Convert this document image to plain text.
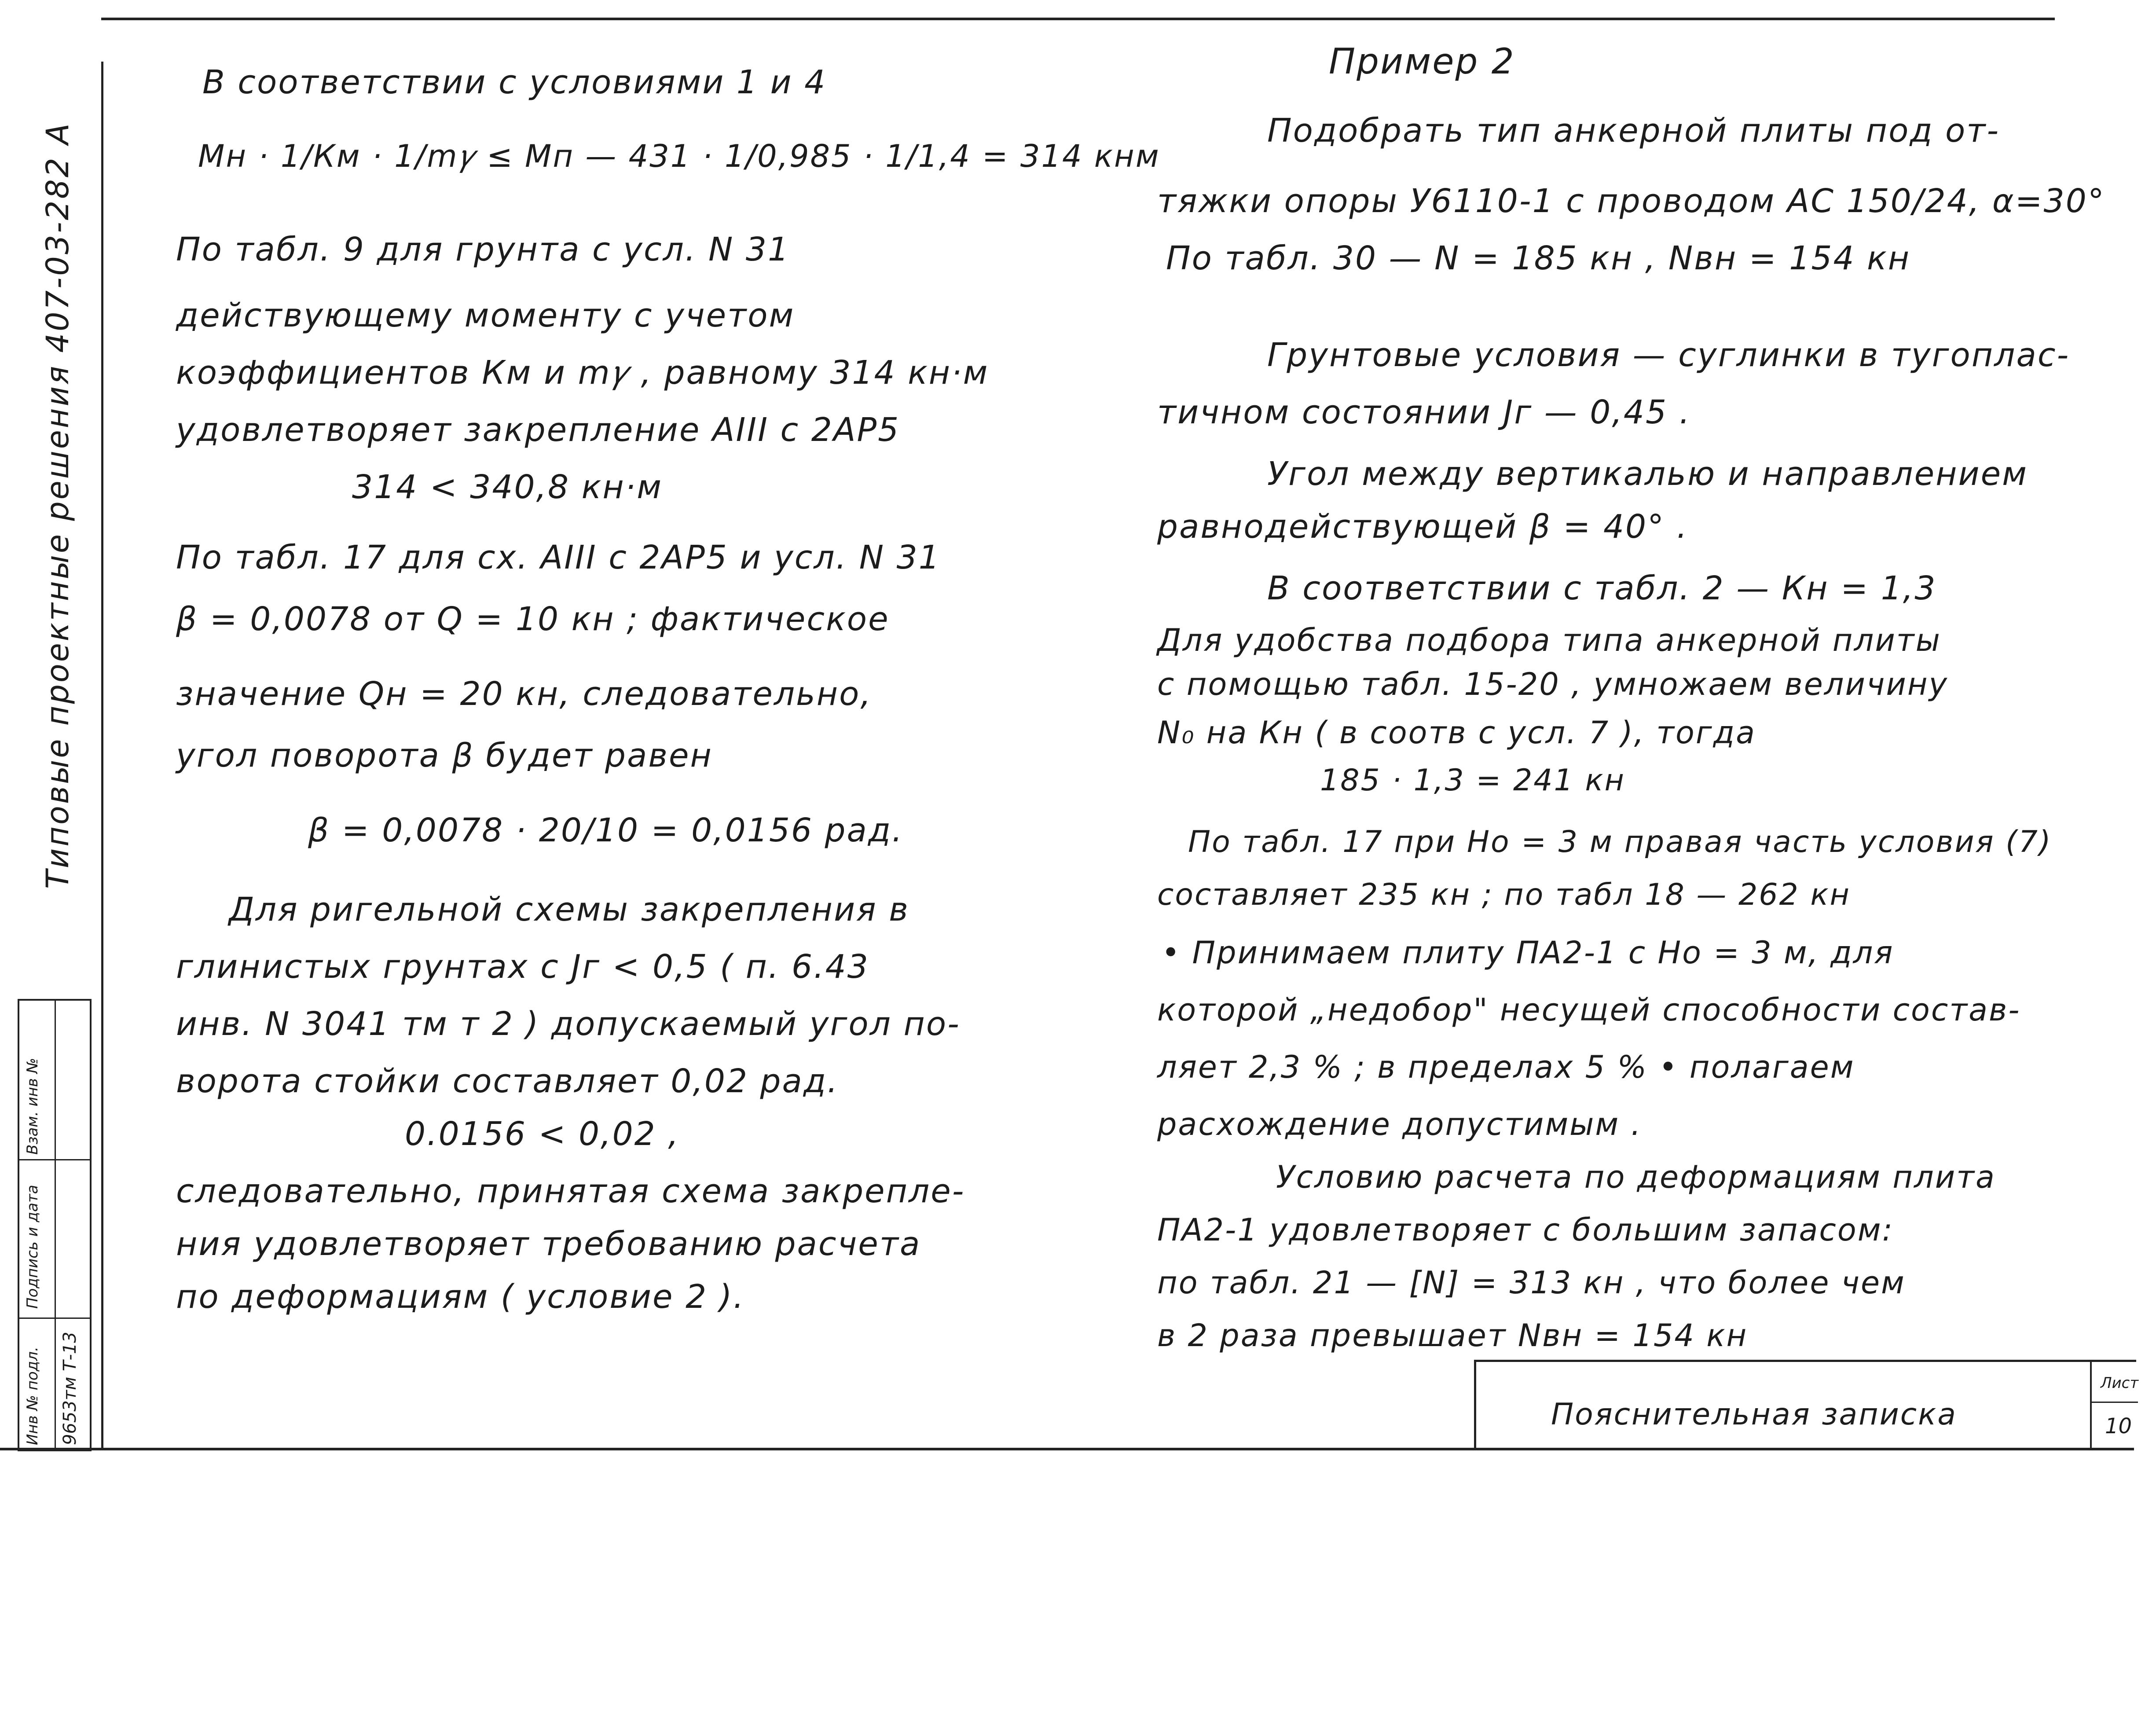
Типовые проектные решения 407-03-282 А
Взам. инв №
Подпись и дата
Инв № подл. 9653тм Т-13
В соответствии с условиями 1 и 4
Мн · 1/Км · 1/m𝛾 ≤ Мп — 431 · 1/0,985 · 1/1,4 = 314 кнм
По табл. 9 для грунта с усл. N 31
действующему моменту с учетом
коэффициентов Км и m𝛾 , равному 314 кн·м
удовлетворяет закрепление АIII с 2АР5
314 < 340,8 кн·м
По табл. 17 для сх. АIII с 2АР5 и усл. N 31
β = 0,0078 от Q = 10 кн ; фактическое
значение Qн = 20 кн, следовательно,
угол поворота β будет равен
β = 0,0078 · 20/10 = 0,0156 рад.
Для ригельной схемы закрепления в
глинистых грунтах с Jг < 0,5 ( п. 6.43
инв. N 3041 тм т 2 ) допускаемый угол по-
ворота стойки составляет 0,02 рад.
0.0156 < 0,02 ,
следовательно, принятая схема закрепле-
ния удовлетворяет требованию расчета
по деформациям ( условие 2 ).
Пример 2
Подобрать тип анкерной плиты под от-
тяжки опоры У6110-1 с проводом АС 150/24, α=30°
По табл. 30 — N = 185 кн , Nвн = 154 кн
Грунтовые условия — суглинки в тугоплас-
тичном состоянии Jг — 0,45 .
Угол между вертикалью и направлением
равнодействующей β = 40° .
В соответствии с табл. 2 — Кн = 1,3
Для удобства подбора типа анкерной плиты
с помощью табл. 15-20 , умножаем величину
N₀ на Кн ( в соотв с усл. 7 ), тогда
185 · 1,3 = 241 кн
По табл. 17 при Ho = 3 м правая часть условия (7)
составляет 235 кн ; по табл 18 — 262 кн
• Принимаем плиту ПА2-1 с Ho = 3 м, для
которой „недобор" несущей способности состав-
ляет 2,3 % ; в пределах 5 % • полагаем
расхождение допустимым .
Условию расчета по деформациям плита
ПА2-1 удовлетворяет с большим запасом:
по табл. 21 — [N] = 313 кн , что более чем
в 2 раза превышает Nвн = 154 кн
Пояснительная записка
Лист
10
